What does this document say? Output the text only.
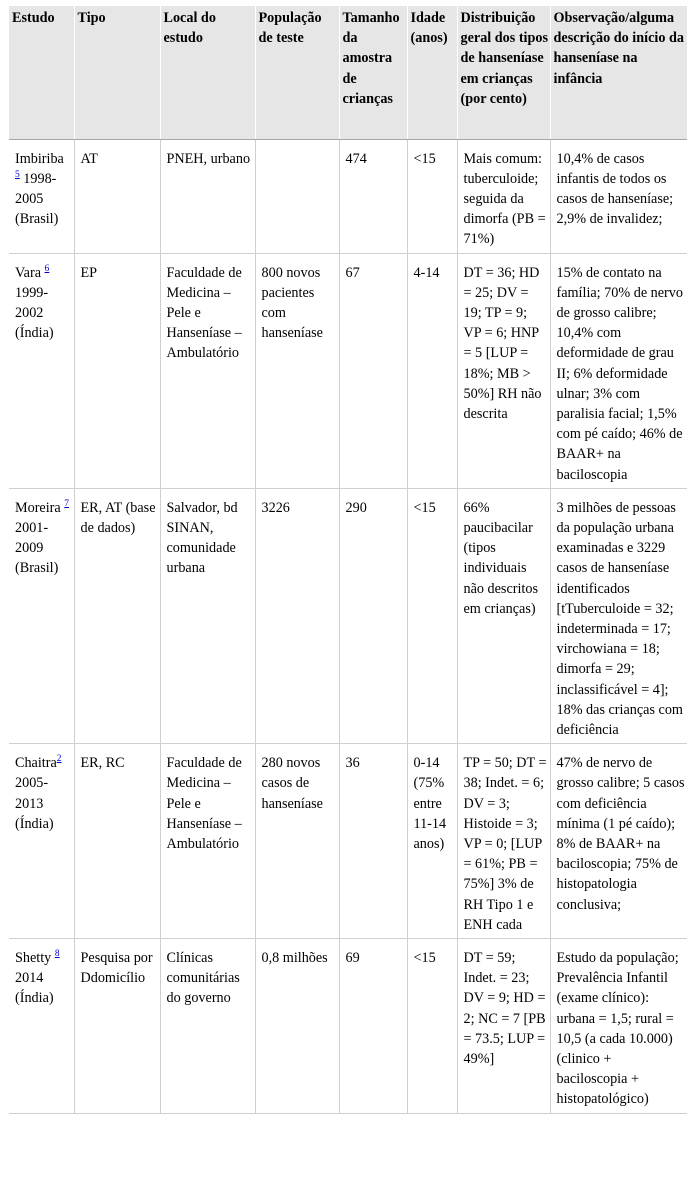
Estudo	Tipo	Local do estudo	População de teste	Tamanho da amostra de crianças	Idade (anos)	Distribuição geral dos tipos de hanseníase em crianças (por cento)	Observação/alguma descrição do início da hanseníase na infância
Imbiriba $^5$ 1998-2005 (Brasil)	AT	PNEH, urbano		474	<15	Mais comum: tuberculoide; seguida da dimorfa (PB = 71%)	10,4% de casos infantis de todos os casos de hanseníase; 2,9% de invalidez;
Vara $^6$ 1999-2002 (Índia)	EP	Faculdade de Medicina – Pele e Hanseníase – Ambulatório	800 novos pacientes com hanseníase	67	4-14	DT = 36; HD = 25; DV = 19; TP = 9; VP = 6; HNP = 5 [LUP = 18%; MB > 50%] RH não descrita	15% de contato na família; 70% de nervo de grosso calibre; 10,4% com deformidade de grau II; 6% deformidade ulnar; 3% com paralisia facial; 1,5% com pé caído; 46% de BAAR+ na baciloscopia
Moreira $^7$ 2001-2009 (Brasil)	ER, AT (base de dados)	Salvador, bd SINAN, comunidade urbana	3226	290	<15	66% paucibacilar (tipos individuais não descritos em crianças)	3 milhões de pessoas da população urbana examinadas e 3229 casos de hanseníase identificados [tTuberculoide = 32; indeterminada = 17; virchowiana = 18; dimorfa = 29; inclassificável = 4]; 18% das crianças com deficiência
Chaitra$^2$ 2005-2013 (Índia)	ER, RC	Faculdade de Medicina – Pele e Hanseníase – Ambulatório	280 novos casos de hanseníase	36	0-14 (75% entre 11-14 anos)	TP = 50; DT = 38; Indet. = 6; DV = 3; Histoide = 3; VP = 0; [LUP = 61%; PB = 75%] 3% de RH Tipo 1 e ENH cada	47% de nervo de grosso calibre; 5 casos com deficiência mínima (1 pé caído); 8% de BAAR+ na baciloscopia; 75% de histopatologia conclusiva;
Shetty $^8$ 2014 (Índia)	Pesquisa por Ddomicílio	Clínicas comunitárias do governo	0,8 milhões	69	<15	DT = 59; Indet. = 23; DV = 9; HD = 2; NC = 7 [PB = 73.5; LUP = 49%]	Estudo da população; Prevalência Infantil (exame clínico): urbana = 1,5; rural = 10,5 (a cada 10.000) (clinico + baciloscopia + histopatológico)
